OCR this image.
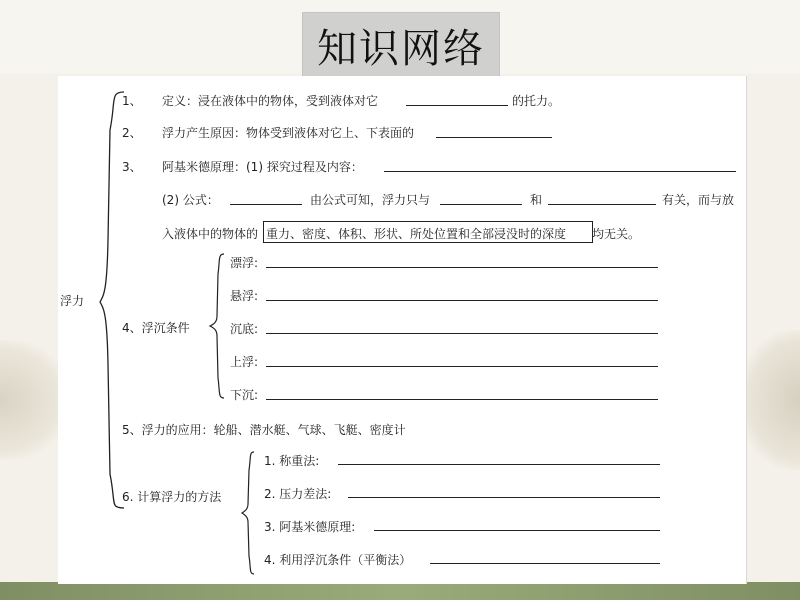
知识网络
浮力
1、 定义：浸在液体中的物体，受到液体对它	的托力。
2、 浮力产生原因：物体受到液体对它上、下表面的
3、 阿基米德原理：(1) 探究过程及内容：
(2) 公式：	由公式可知，浮力只与	和	有关，而与放
入液体中的物体的 重力、密度、体积、形状、所处位置和全部浸没时的深度 均无关。
4、浮沉条件
漂浮:
悬浮:
沉底:
上浮:
下沉:
5、浮力的应用：轮船、潜水艇、气球、飞艇、密度计
6. 计算浮力的方法
1. 称重法:
2. 压力差法:
3. 阿基米德原理:
4. 利用浮沉条件（平衡法）
